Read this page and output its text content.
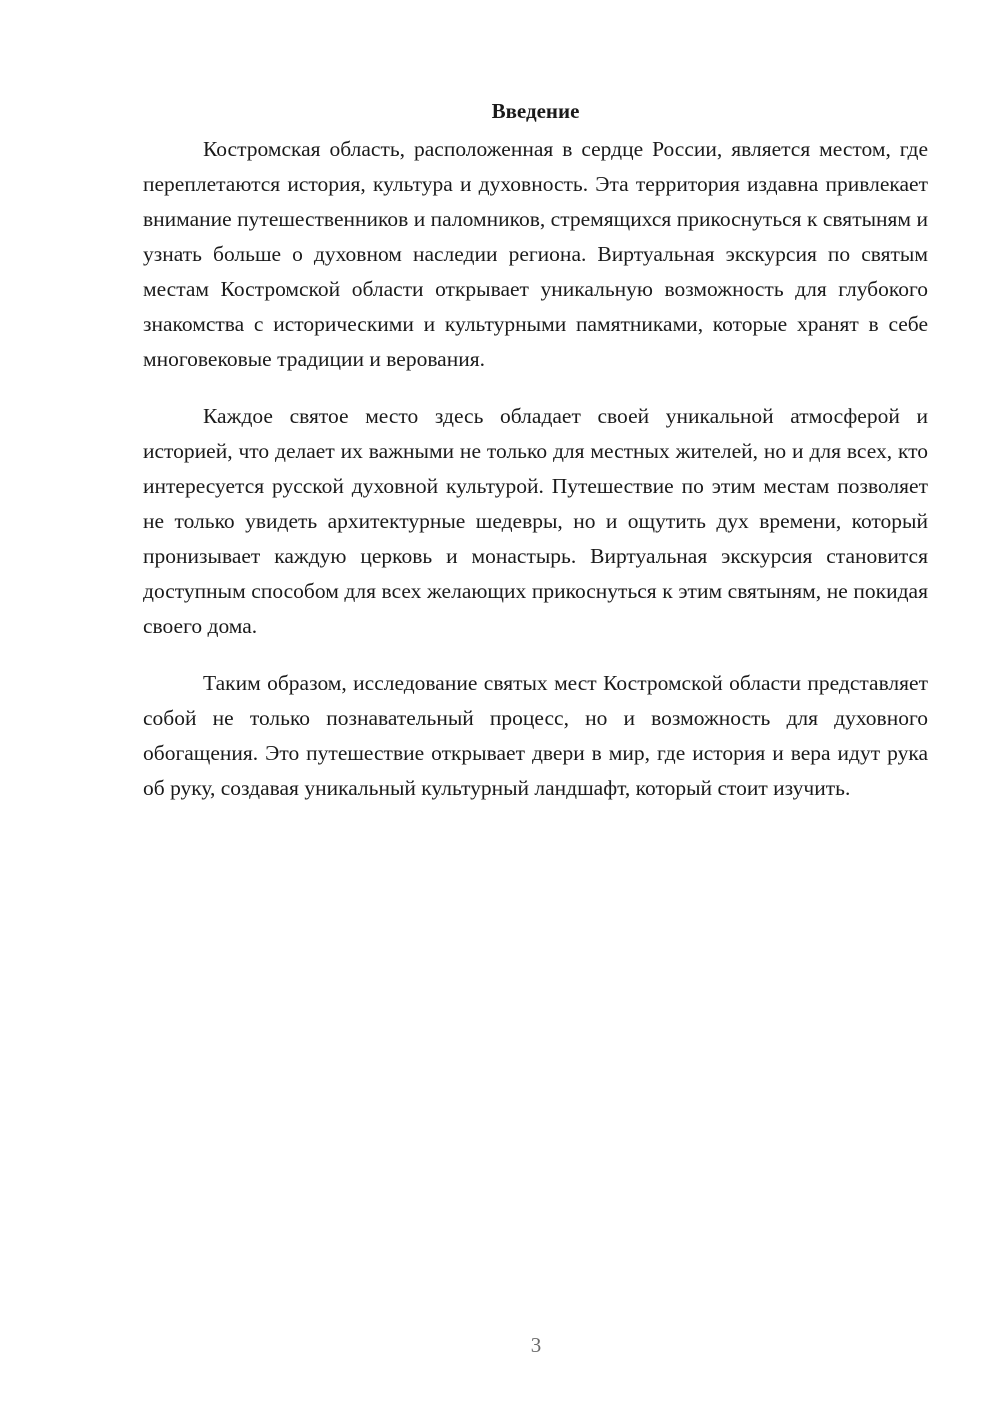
Введение

Костромская область, расположенная в сердце России, является местом, где переплетаются история, культура и духовность. Эта территория издавна привлекает внимание путешественников и паломников, стремящихся прикоснуться к святыням и узнать больше о духовном наследии региона. Виртуальная экскурсия по святым местам Костромской области открывает уникальную возможность для глубокого знакомства с историческими и культурными памятниками, которые хранят в себе многовековые традиции и верования.

Каждое святое место здесь обладает своей уникальной атмосферой и историей, что делает их важными не только для местных жителей, но и для всех, кто интересуется русской духовной культурой. Путешествие по этим местам позволяет не только увидеть архитектурные шедевры, но и ощутить дух времени, который пронизывает каждую церковь и монастырь. Виртуальная экскурсия становится доступным способом для всех желающих прикоснуться к этим святыням, не покидая своего дома.

Таким образом, исследование святых мест Костромской области представляет собой не только познавательный процесс, но и возможность для духовного обогащения. Это путешествие открывает двери в мир, где история и вера идут рука об руку, создавая уникальный культурный ландшафт, который стоит изучить.

3
